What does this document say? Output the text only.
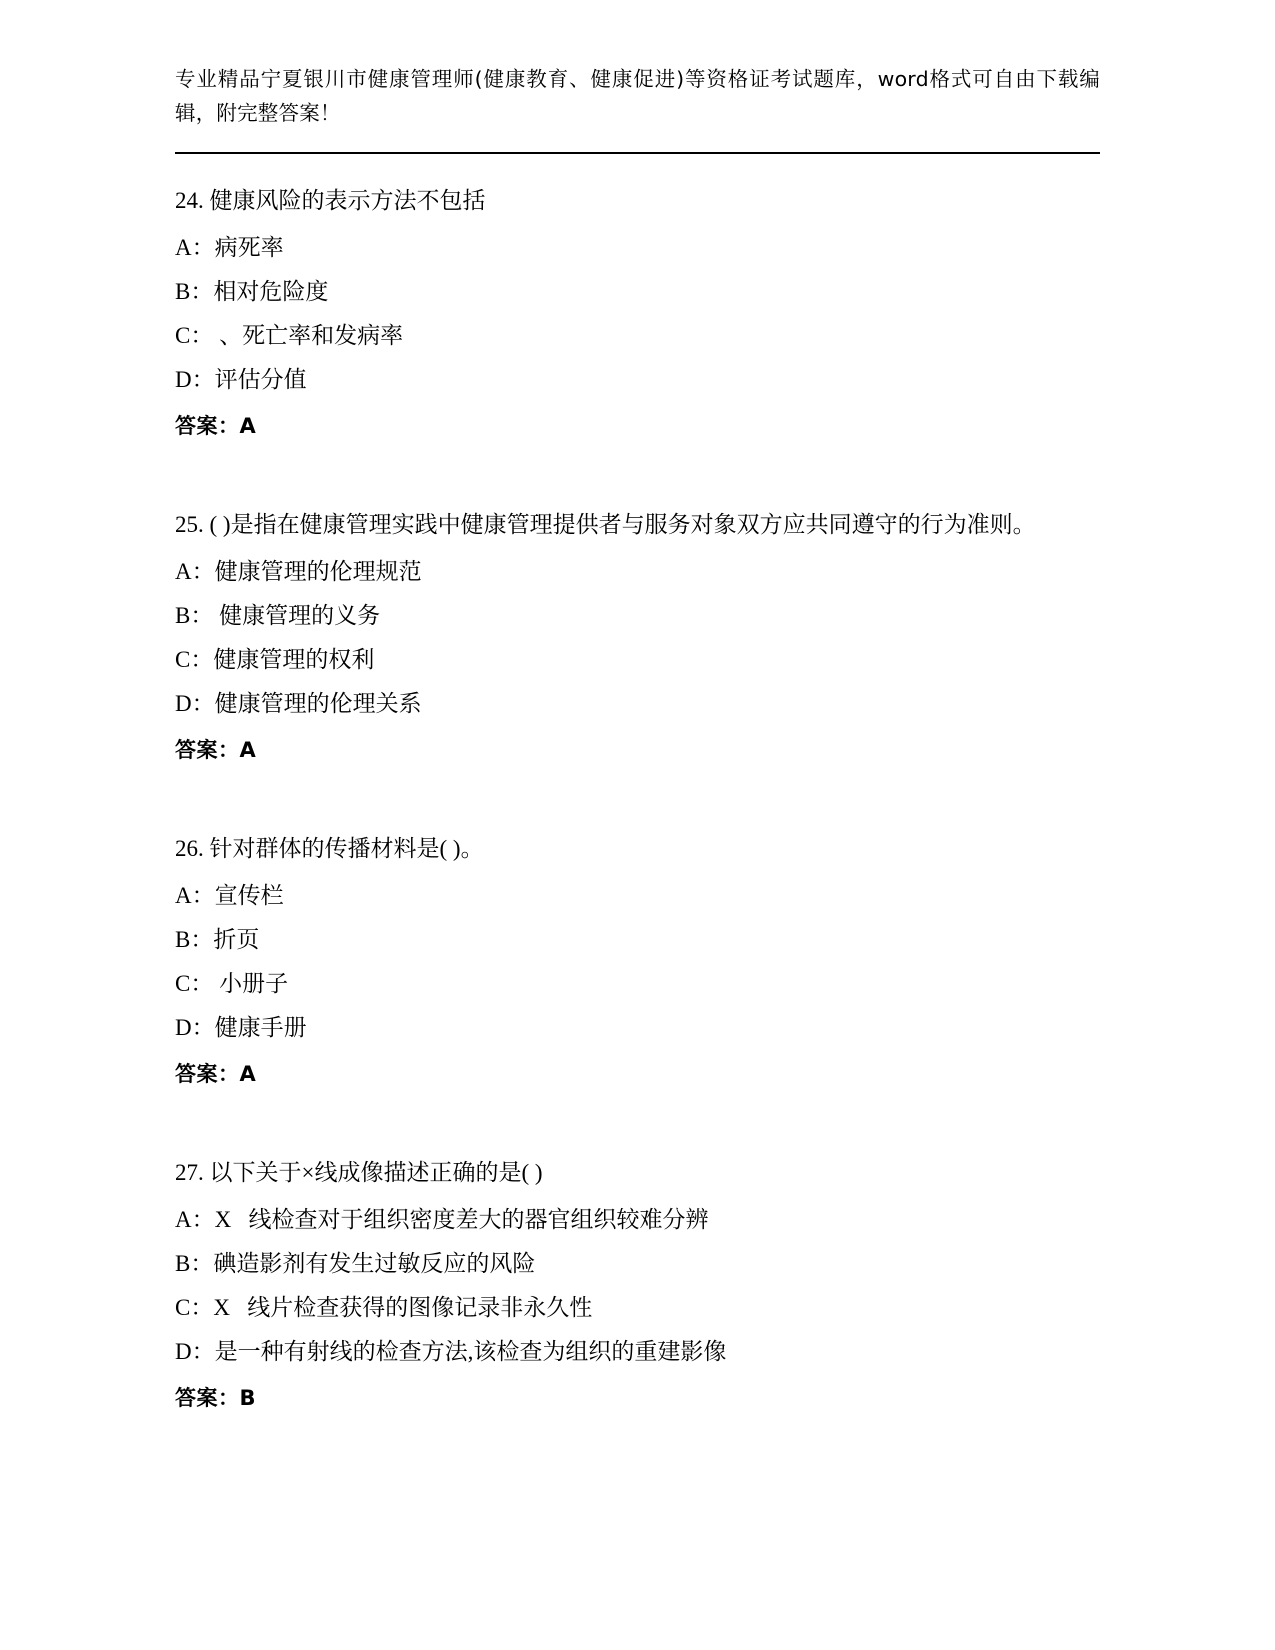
专业精品宁夏银川市健康管理师(健康教育、健康促进)等资格证考试题库，word格式可自由下载编辑，附完整答案！

24. 健康风险的表示方法不包括

A：病死率

B：相对危险度

C： 、死亡率和发病率

D：评估分值

答案：A

25. ( )是指在健康管理实践中健康管理提供者与服务对象双方应共同遵守的行为准则。

A：健康管理的伦理规范

B： 健康管理的义务

C：健康管理的权利

D：健康管理的伦理关系

答案：A

26. 针对群体的传播材料是( )。

A：宣传栏

B：折页

C： 小册子

D：健康手册

答案：A

27. 以下关于×线成像描述正确的是( )

A：X   线检查对于组织密度差大的器官组织较难分辨

B：碘造影剂有发生过敏反应的风险

C：X   线片检查获得的图像记录非永久性

D：是一种有射线的检查方法,该检查为组织的重建影像

答案：B
